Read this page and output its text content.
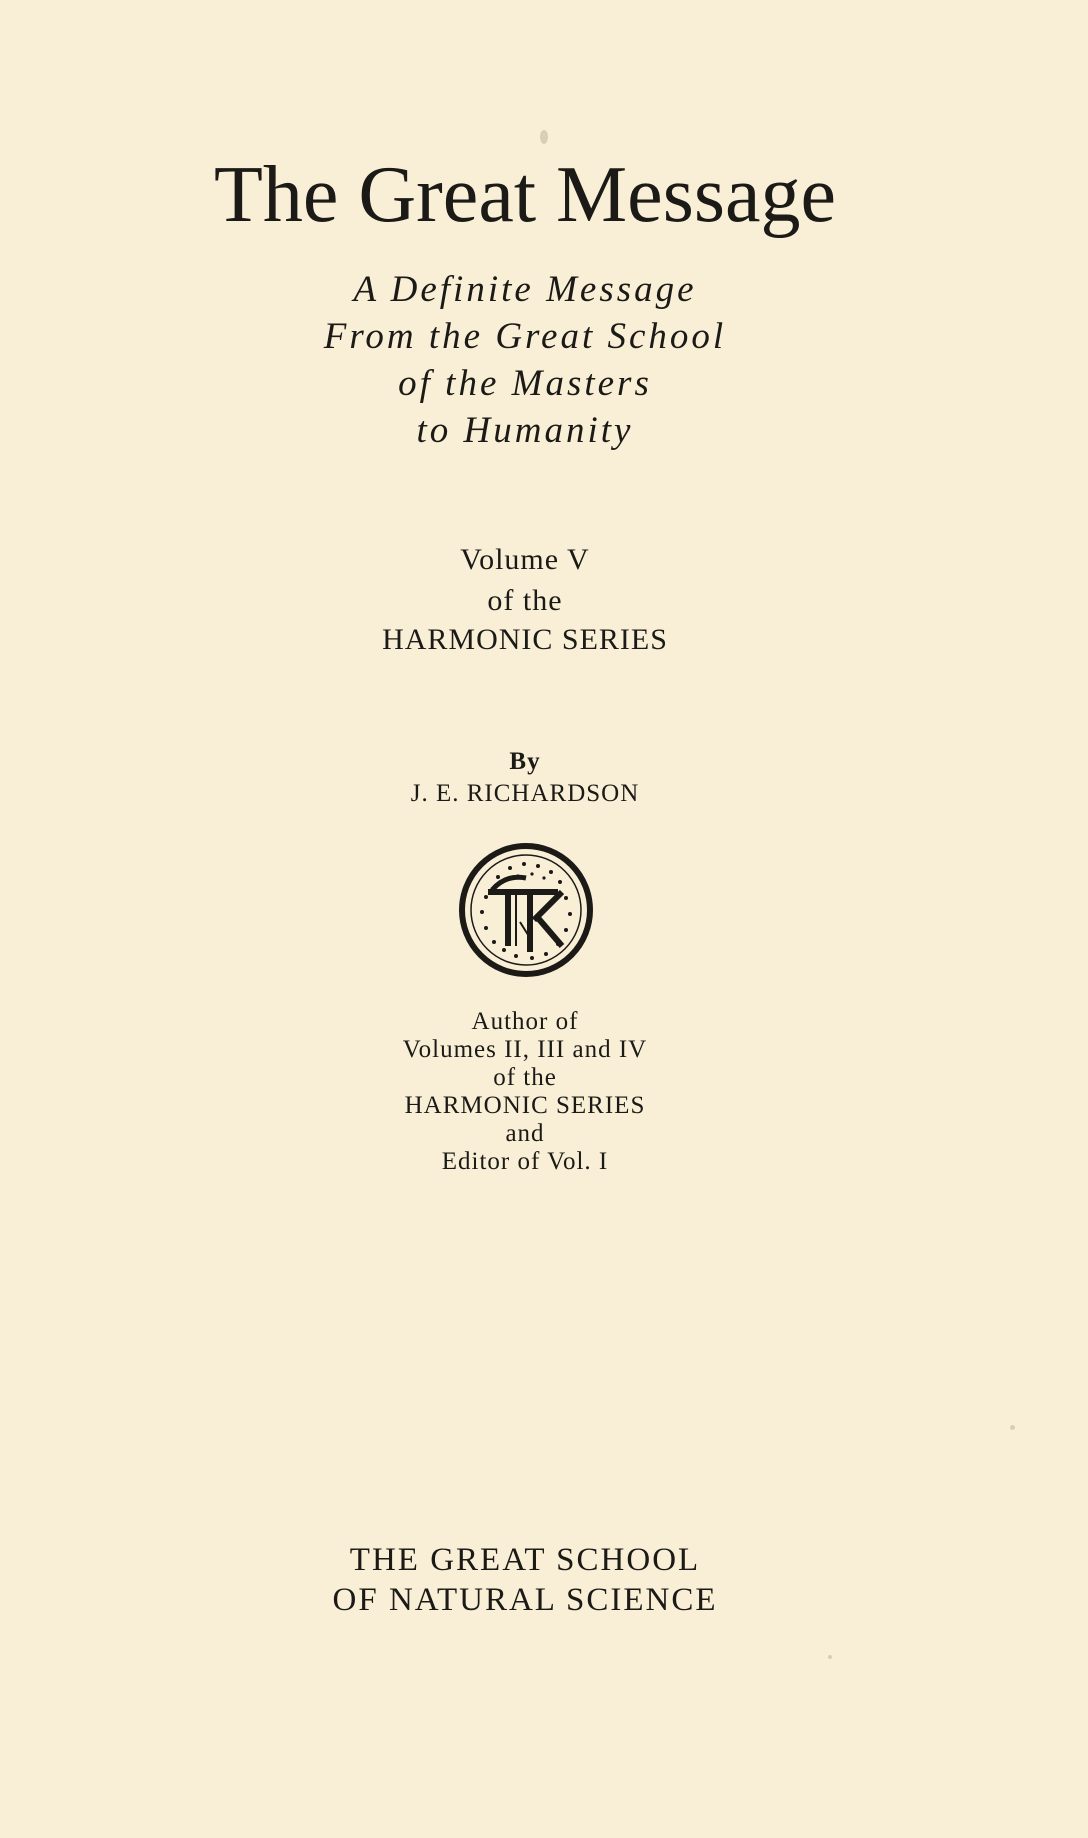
The Great Message
A Definite Message
From the Great School
of the Masters
to Humanity
Volume V
of the
HARMONIC SERIES
By
J. E. RICHARDSON
Author of
Volumes II, III and IV
of the
HARMONIC SERIES
and
Editor of Vol. I
THE GREAT SCHOOL
OF NATURAL SCIENCE
